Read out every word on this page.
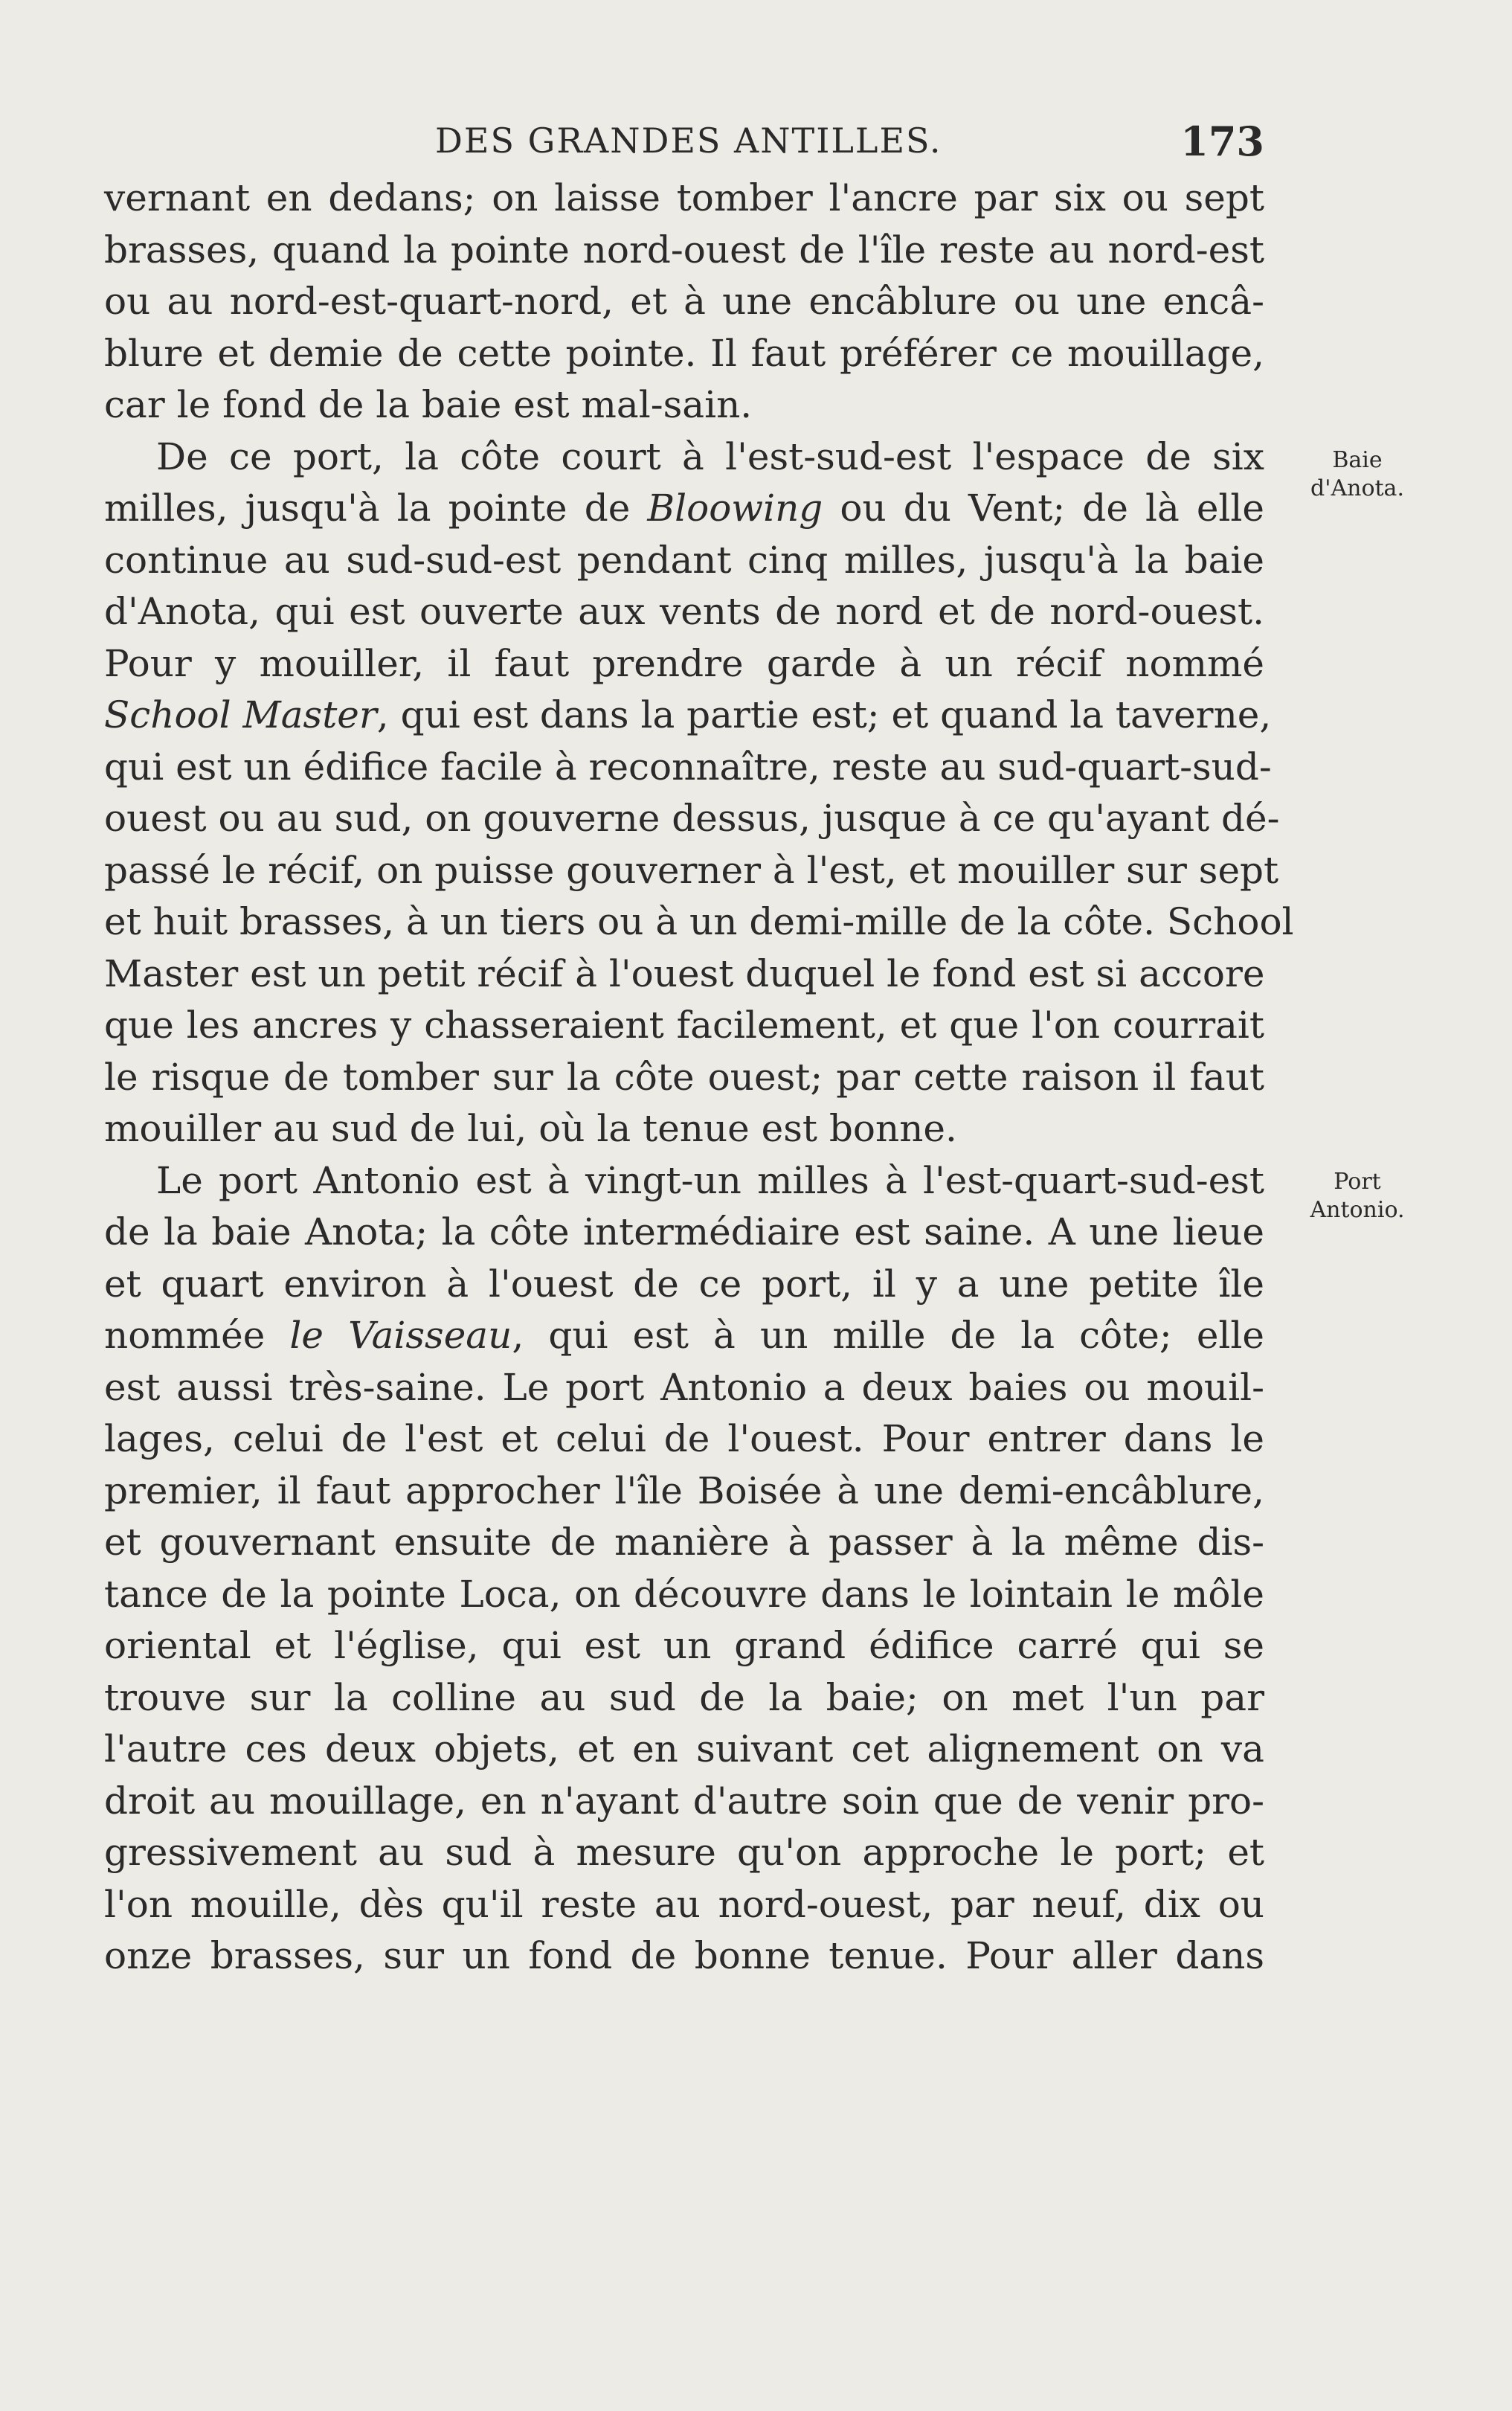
DES GRANDES ANTILLES.	173
Baie
d'Anota.
Port
Antonio.
vernant en dedans; on laisse tomber l'ancre par six ou sept
brasses, quand la pointe nord-ouest de l'île reste au nord-est
ou au nord-est-quart-nord, et à une encâblure ou une encâ-
blure et demie de cette pointe. Il faut préférer ce mouillage,
car le fond de la baie est mal-sain.
De ce port, la côte court à l'est-sud-est l'espace de six
milles, jusqu'à la pointe de Bloowing ou du Vent; de là elle
continue au sud-sud-est pendant cinq milles, jusqu'à la baie
d'Anota, qui est ouverte aux vents de nord et de nord-ouest.
Pour y mouiller, il faut prendre garde à un récif nommé
School Master, qui est dans la partie est; et quand la taverne,
qui est un édifice facile à reconnaître, reste au sud-quart-sud-
ouest ou au sud, on gouverne dessus, jusque à ce qu'ayant dé-
passé le récif, on puisse gouverner à l'est, et mouiller sur sept
et huit brasses, à un tiers ou à un demi-mille de la côte. School
Master est un petit récif à l'ouest duquel le fond est si accore
que les ancres y chasseraient facilement, et que l'on courrait
le risque de tomber sur la côte ouest; par cette raison il faut
mouiller au sud de lui, où la tenue est bonne.
Le port Antonio est à vingt-un milles à l'est-quart-sud-est
de la baie Anota; la côte intermédiaire est saine. A une lieue
et quart environ à l'ouest de ce port, il y a une petite île
nommée le Vaisseau, qui est à un mille de la côte; elle
est aussi très-saine. Le port Antonio a deux baies ou mouil-
lages, celui de l'est et celui de l'ouest. Pour entrer dans le
premier, il faut approcher l'île Boisée à une demi-encâblure,
et gouvernant ensuite de manière à passer à la même dis-
tance de la pointe Loca, on découvre dans le lointain le môle
oriental et l'église, qui est un grand édifice carré qui se
trouve sur la colline au sud de la baie; on met l'un par
l'autre ces deux objets, et en suivant cet alignement on va
droit au mouillage, en n'ayant d'autre soin que de venir pro-
gressivement au sud à mesure qu'on approche le port; et
l'on mouille, dès qu'il reste au nord-ouest, par neuf, dix ou
onze brasses, sur un fond de bonne tenue. Pour aller dans
